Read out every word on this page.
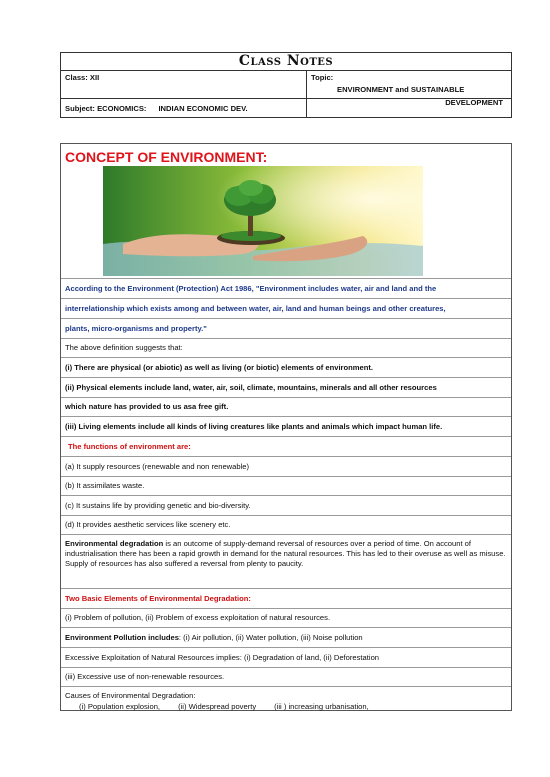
Class Notes
Class: XII	Topic:
ENVIRONMENT and SUSTAINABLE
Subject: ECONOMICS: INDIAN ECONOMIC DEV.
DEVELOPMENT
CONCEPT OF ENVIRONMENT:
According to the Environment (Protection) Act 1986, "Environment includes water, air and land and the
interrelationship which exists among and between water, air, land and human beings and other creatures,
plants, micro-organisms and property."
The above definition suggests that:
(i) There are physical (or abiotic) as well as living (or biotic) elements of environment.
(ii) Physical elements include land, water, air, soil, climate, mountains, minerals and all other resources
which nature has provided to us asa free gift.
(iii) Living elements include all kinds of living creatures like plants and animals which impact human life.
The functions of environment are:
(a) It supply resources (renewable and non renewable)
(b) It assimilates waste.
(c) It sustains life by providing genetic and bio-diversity.
(d) It provides aesthetic services like scenery etc.
Environmental degradation is an outcome of supply-demand reversal of resources over a period of time. On account of industrialisation there has been a rapid growth in demand for the natural resources. This has led to their overuse as well as misuse. Supply of resources has also suffered a reversal from plenty to paucity.
Two Basic Elements of Environmental Degradation:
(i) Problem of pollution, (ii) Problem of excess exploitation of natural resources.
Environment Pollution includes : (i) Air pollution, (ii) Water pollution, (iii) Noise pollution
Excessive Exploitation of Natural Resources implies: (i) Degradation of land, (ii) Deforestation
(iii) Excessive use of non-renewable resources.
Causes of Environmental Degradation:
(i) Population explosion, (ii) Widespread poverty (iii ) increasing urbanisation,
